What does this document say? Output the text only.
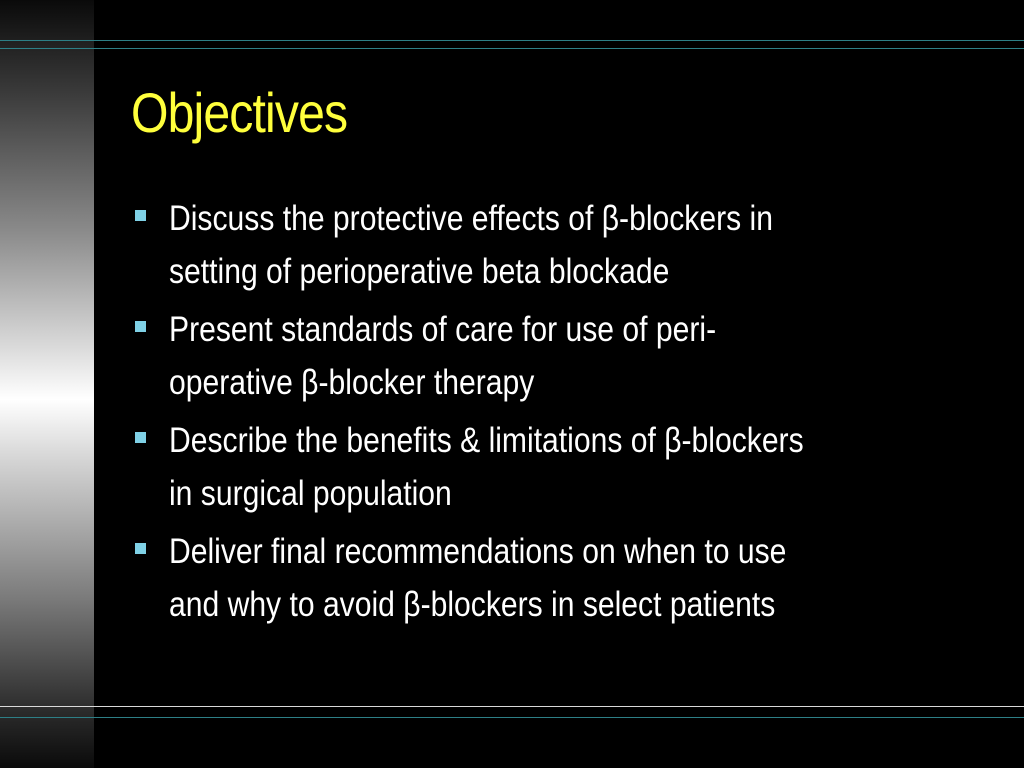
Objectives
Discuss the protective effects of β-blockers in
setting of perioperative beta blockade
Present standards of care for use of peri-
operative β-blocker therapy
Describe the benefits & limitations of β-blockers
in surgical population
Deliver final recommendations on when to use
and why to avoid β-blockers in select patients
